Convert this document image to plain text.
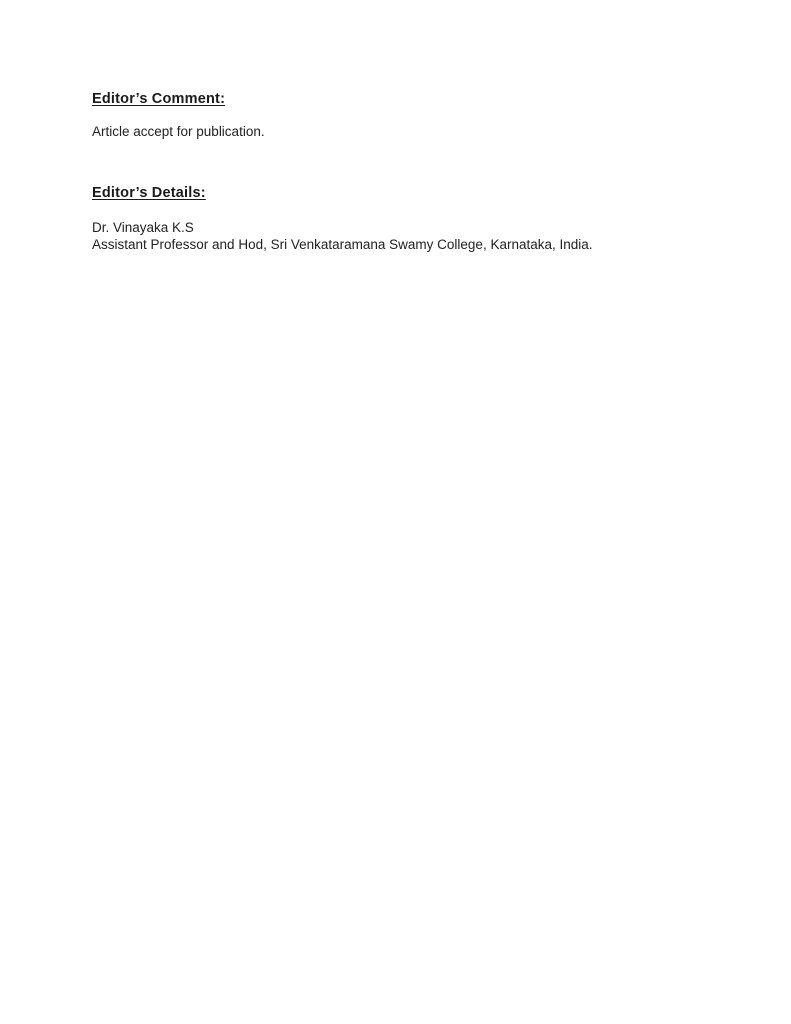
Editor’s Comment:

Article accept for publication.

Editor’s Details:

Dr. Vinayaka K.S

Assistant Professor and Hod, Sri Venkataramana Swamy College, Karnataka, India.
